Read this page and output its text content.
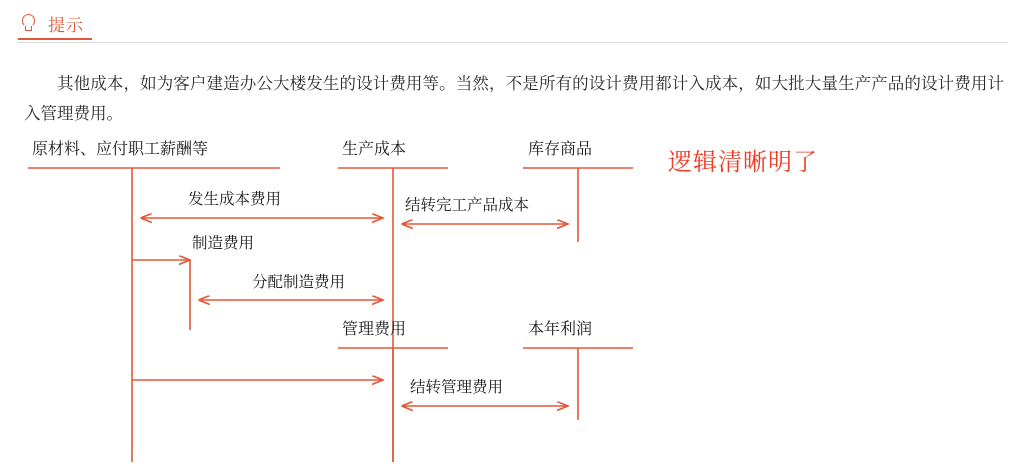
提示

其他成本，如为客户建造办公大楼发生的设计费用等。当然，不是所有的设计费用都计入成本，如大批大量生产产品的设计费用计入管理费用。

逻辑清晰明了
原材料、应付职工薪酬等	生产成本	库存商品
管理费用	本年利润
发生成本费用	结转完工产品成本
制造费用
分配制造费用
结转管理费用
